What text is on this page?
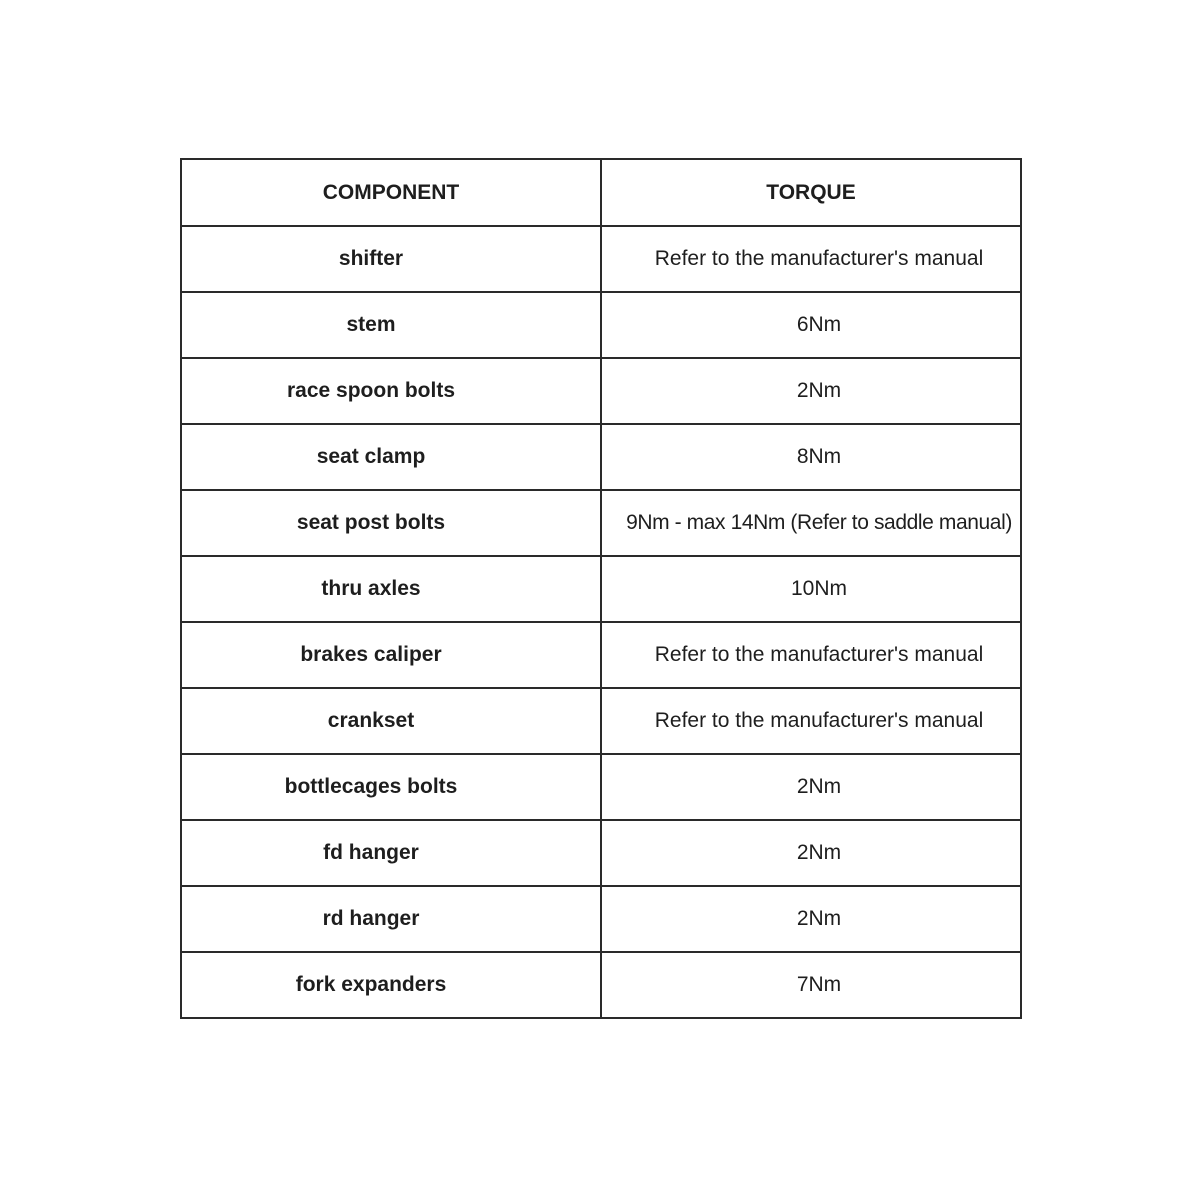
COMPONENT	TORQUE
shifter	Refer to the manufacturer's manual
stem	6Nm
race spoon bolts	2Nm
seat clamp	8Nm
seat post bolts	9Nm - max 14Nm (Refer to saddle manual)
thru axles	10Nm
brakes caliper	Refer to the manufacturer's manual
crankset	Refer to the manufacturer's manual
bottlecages bolts	2Nm
fd hanger	2Nm
rd hanger	2Nm
fork expanders	7Nm
